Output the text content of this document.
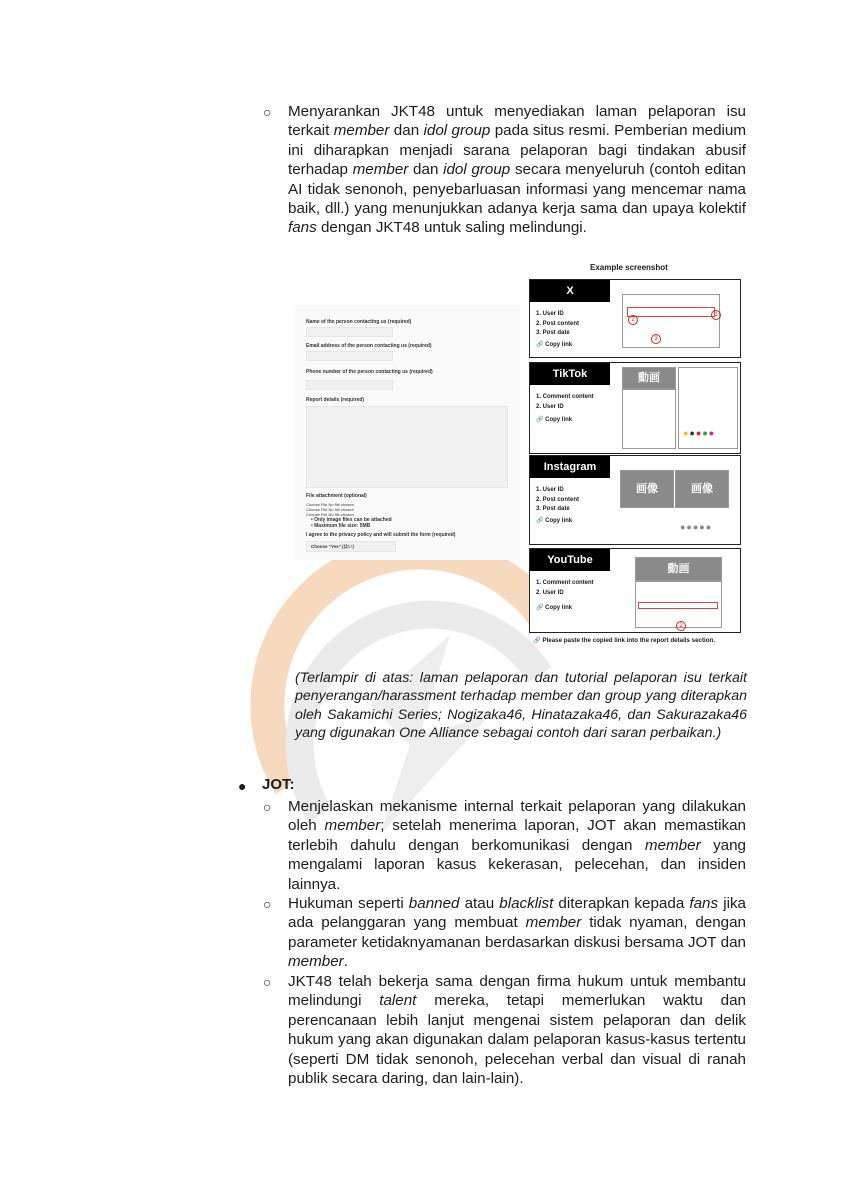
○ Menyarankan JKT48 untuk menyediakan laman pelaporan isu terkait member dan idol group pada situs resmi. Pemberian medium ini diharapkan menjadi sarana pelaporan bagi tindakan abusif terhadap member dan idol group secara menyeluruh (contoh editan AI tidak senonoh, penyebarluasan informasi yang mencemar nama baik, dll.) yang menunjukkan adanya kerja sama dan upaya kolektif fans dengan JKT48 untuk saling melindungi.
Name of the person contacting us (required)
Email address of the person contacting us (required)
Phone number of the person contacting us (required)
Report details (required)
File attachment (optional)
Choose File No file chosen
Choose File No file chosen
Choose File No file chosen
• Only image files can be attached
• Maximum file size: 5MB
I agree to the privacy policy and will submit the form (required)
Choose "Yes" (はい)
Example screenshot
X
1. User ID
2. Post content
3. Post date
🔗 Copy link
2
1
3
TikTok
1. Comment content
2. User ID
🔗 Copy link
動画
●●●●●
Instagram
1. User ID
2. Post content
3. Post date
🔗 Copy link
画像	画像
●●●●●
YouTube
1. Comment content
2. User ID
🔗 Copy link
動画
2
🔗 Please paste the copied link into the report details section.
(Terlampir di atas: laman pelaporan dan tutorial pelaporan isu terkait penyerangan/harassment terhadap member dan group yang diterapkan oleh Sakamichi Series; Nogizaka46, Hinatazaka46, dan Sakurazaka46 yang digunakan One Alliance sebagai contoh dari saran perbaikan.)
● JOT:
○ Menjelaskan mekanisme internal terkait pelaporan yang dilakukan oleh member; setelah menerima laporan, JOT akan memastikan terlebih dahulu dengan berkomunikasi dengan member yang mengalami laporan kasus kekerasan, pelecehan, dan insiden lainnya.
○ Hukuman seperti banned atau blacklist diterapkan kepada fans jika ada pelanggaran yang membuat member tidak nyaman, dengan parameter ketidaknyamanan berdasarkan diskusi bersama JOT dan member.
○ JKT48 telah bekerja sama dengan firma hukum untuk membantu melindungi talent mereka, tetapi memerlukan waktu dan perencanaan lebih lanjut mengenai sistem pelaporan dan delik hukum yang akan digunakan dalam pelaporan kasus-kasus tertentu (seperti DM tidak senonoh, pelecehan verbal dan visual di ranah publik secara daring, dan lain-lain).
